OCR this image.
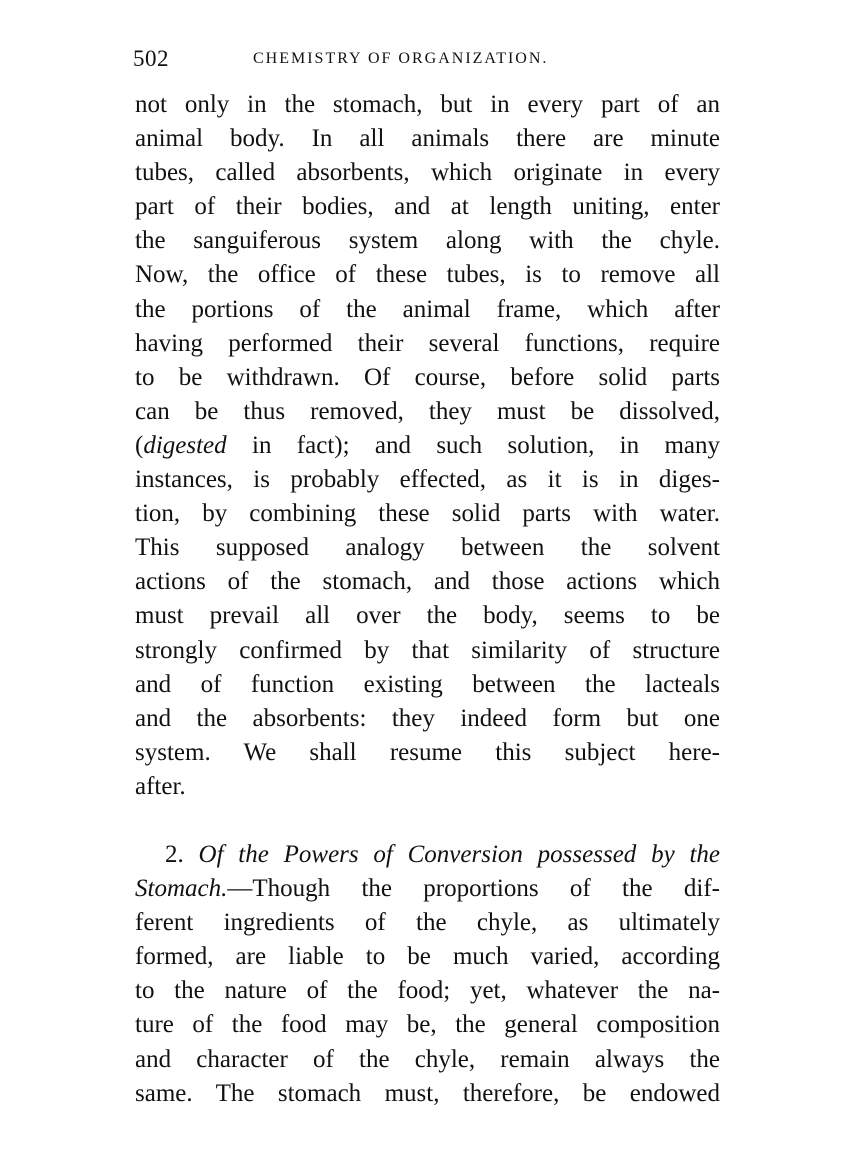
502	CHEMISTRY OF ORGANIZATION.
not only in the stomach, but in every part of an
animal body. In all animals there are minute
tubes, called absorbents, which originate in every
part of their bodies, and at length uniting, enter
the sanguiferous system along with the chyle.
Now, the office of these tubes, is to remove all
the portions of the animal frame, which after
having performed their several functions, require
to be withdrawn. Of course, before solid parts
can be thus removed, they must be dissolved,
(digested in fact); and such solution, in many
instances, is probably effected, as it is in diges-
tion, by combining these solid parts with water.
This supposed analogy between the solvent
actions of the stomach, and those actions which
must prevail all over the body, seems to be
strongly confirmed by that similarity of structure
and of function existing between the lacteals
and the absorbents: they indeed form but one
system. We shall resume this subject here-
after.
2. Of the Powers of Conversion possessed by the
Stomach.—Though the proportions of the dif-
ferent ingredients of the chyle, as ultimately
formed, are liable to be much varied, according
to the nature of the food; yet, whatever the na-
ture of the food may be, the general composition
and character of the chyle, remain always the
same. The stomach must, therefore, be endowed
